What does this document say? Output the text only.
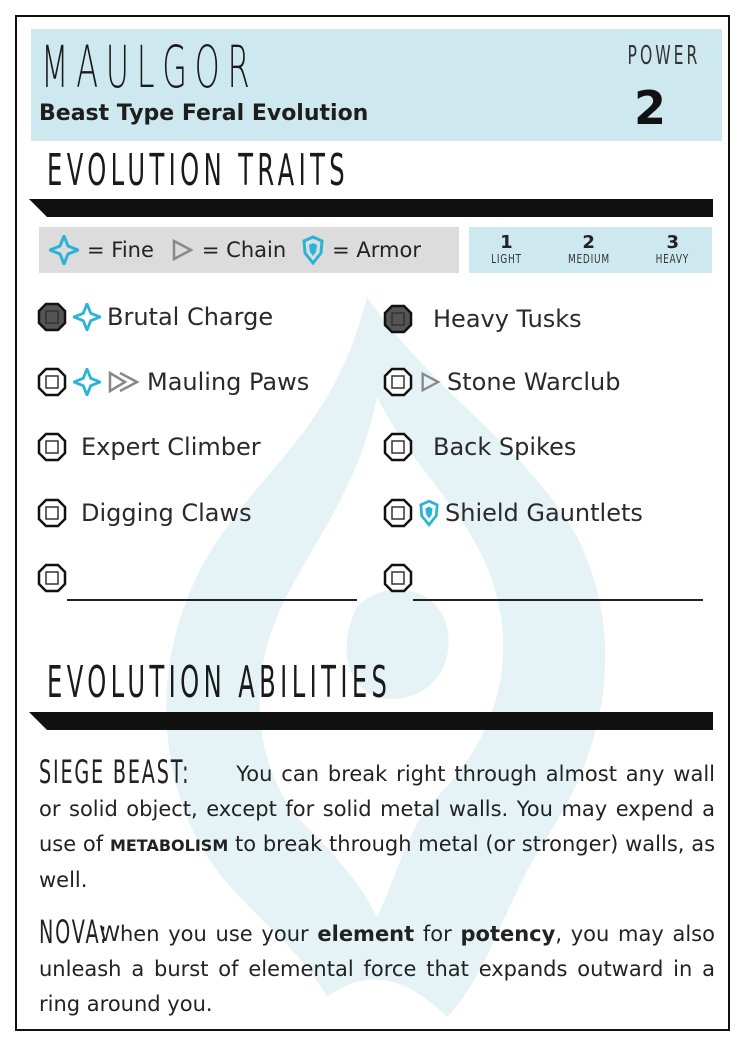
MAULGOR
Beast Type Feral Evolution
POWER
2
EVOLUTION TRAITS
= Fine = Chain = Armor	1
LIGHT
2
MEDIUM
3
HEAVY
Brutal Charge
Mauling Paws
Expert Climber
Digging Claws
Heavy Tusks
Stone Warclub
Back Spikes
Shield Gauntlets
EVOLUTION ABILITIES
SIEGE BEAST: You can break right through almost any wall or solid object, except for solid metal walls. You may expend a use of METABOLISM to break through metal (or stronger) walls, as well.
NOVA: When you use your element for potency, you may also unleash a burst of elemental force that expands outward in a ring around you.
